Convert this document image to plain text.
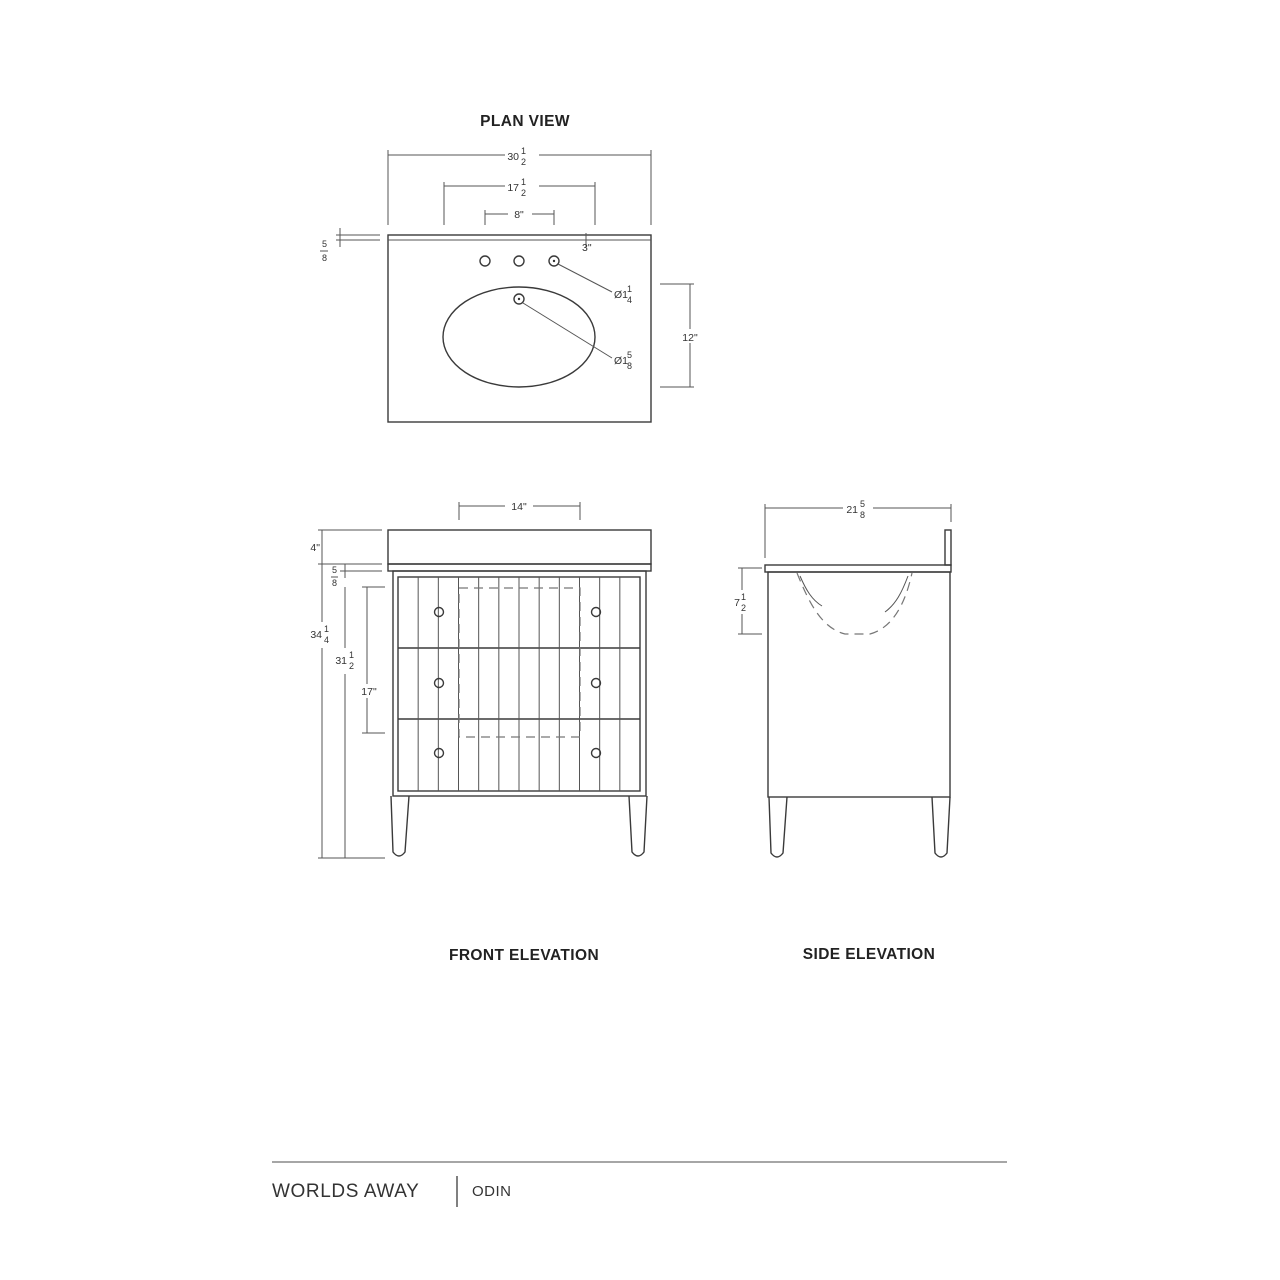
PLAN VIEW
30 1
2
17 1
2
8"
3"
5
8
Ø1
1
4
Ø1
5
8
12"
14"
4"
5
8
34 1
4
31 1
2
17"
FRONT ELEVATION
21 5
8
7 1
2
SIDE ELEVATION
WORLDS AWAY	ODIN
